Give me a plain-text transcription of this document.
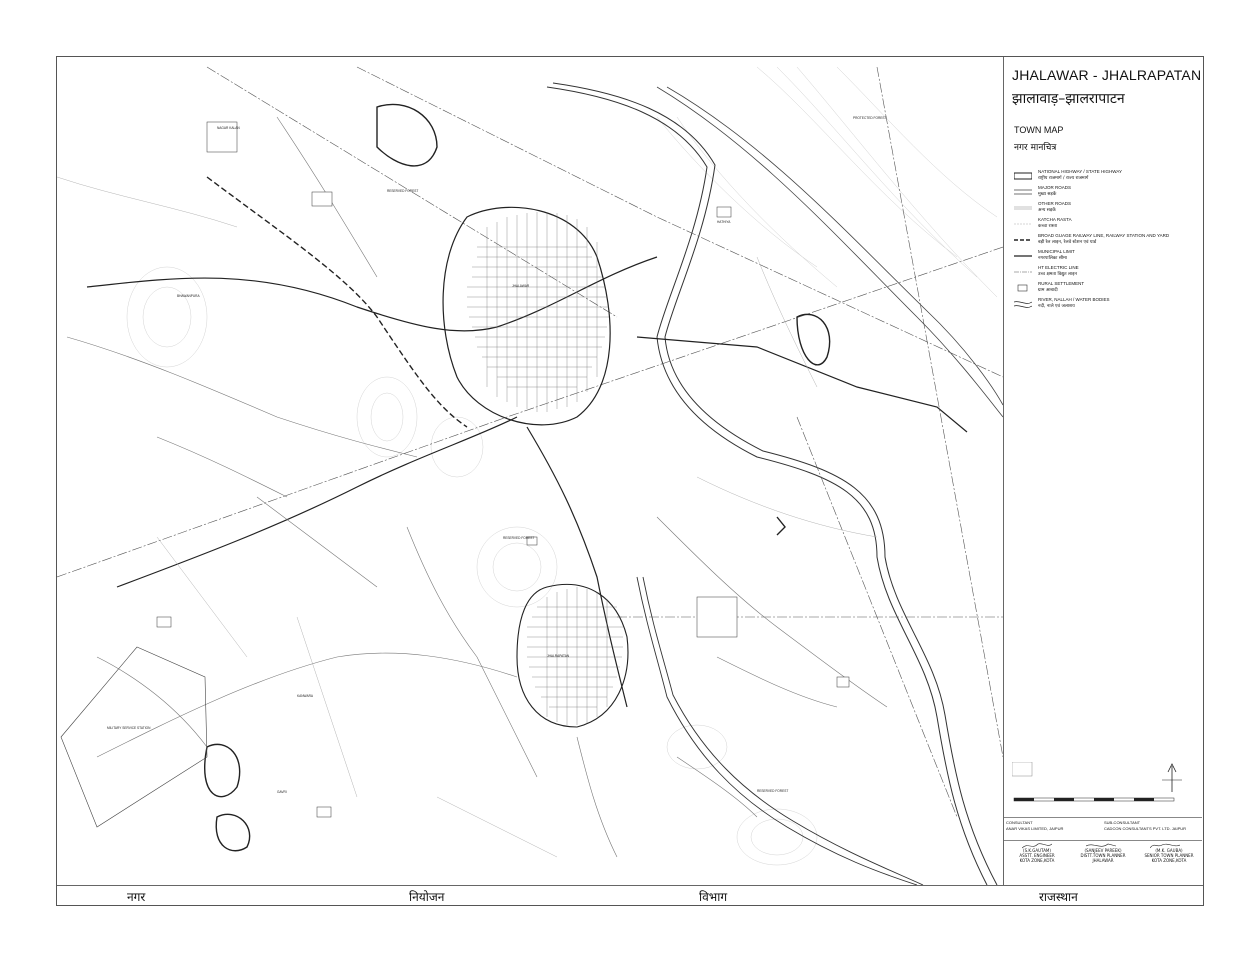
NAGAR KALAN
BHAWANPURA
RESERVED FOREST
RESERVED FOREST
RESERVED FOREST
PROTECTED FOREST
JHALAWAR
JHALRAPATAN
MILITARY SERVICE STATION
KANWARA
GAVRI
HATHIYA
JHALAWAR - JHALRAPATAN
झालावाड़–झालरापाटन
TOWN MAP
नगर मानचित्र
NATIONAL HIGHWAY / STATE HIGHWAY
राष्ट्रीय राजमार्ग / राज्य राजमार्ग
MAJOR ROADS
मुख्य सड़कें
OTHER ROADS
अन्य सड़कें
KATCHA RASTA
कच्चा रास्ता
BROAD GUAGE RAILWAY LINE, RAILWAY STATION AND YARD
बड़ी रेल लाइन, रेलवे स्टेशन एवं यार्ड
MUNICIPAL LIMIT
नगरपालिका सीमा
HT ELECTRIC LINE
उच्च क्षमता विद्युत लाइन
RURAL SETTLEMENT
ग्राम आबादी
RIVER, NALLAH / WATER BODIES
नदी, नाले एवं जलाशय
CONSULTANT
ANAR VIKAS LIMITED, JAIPUR
SUB-CONSULTANT
CADCON CONSULTANTS PVT. LTD. JAIPUR
(S.K.GAUTAM)
ASSTT. ENGINEER
KOTA ZONE,KOTA
(SANJEEV PAREEK)
DISTT.TOWN PLANNER
JHALAWAR
(M.K. GAUBA)
SENIOR TOWN PLANNER
KOTA ZONE,KOTA
नगर	नियोजन	विभाग	राजस्थान
